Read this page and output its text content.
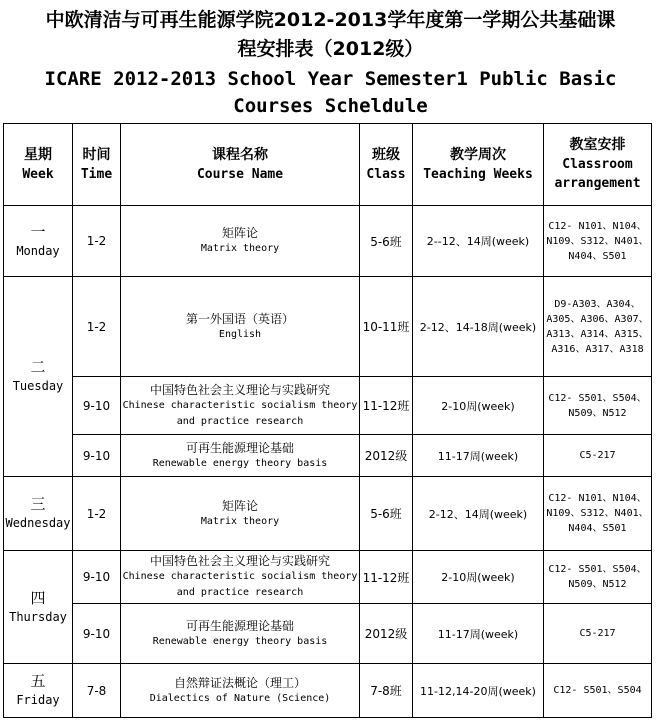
中欧清洁与可再生能源学院2012-2013学年度第一学期公共基础课
程安排表（2012级）
ICARE 2012-2013 School Year Semester1 Public Basic
Courses Scheldule
星期
Week	时间
Time	课程名称
Course Name	班级
Class	教学周次
Teaching Weeks	教室安排
Classroom
arrangement

一
Monday	1-2	矩阵论
Matrix theory	5-6班	2--12、14周(week)	C12- N101、N104、N109、S312、N401、N404、S501

二
Tuesday	1-2	第一外国语（英语）
English	10-11班	2-12、14-18周(week)	D9-A303、A304、A305、A306、A307、A313、A314、A315、A316、A317、A318
	9-10	中国特色社会主义理论与实践研究
Chinese characteristic socialism theory and practice research	11-12班	2-10周(week)	C12- S501、S504、N509、N512
	9-10	可再生能源理论基础
Renewable energy theory basis	2012级	11-17周(week)	C5-217

三
Wednesday	1-2	矩阵论
Matrix theory	5-6班	2-12、14周(week)	C12- N101、N104、N109、S312、N401、N404、S501

四
Thursday	9-10	中国特色社会主义理论与实践研究
Chinese characteristic socialism theory and practice research	11-12班	2-10周(week)	C12- S501、S504、N509、N512
	9-10	可再生能源理论基础
Renewable energy theory basis	2012级	11-17周(week)	C5-217

五
Friday	7-8	自然辩证法概论（理工）
Dialectics of Nature (Science)	7-8班	11-12,14-20周(week)	C12- S501、S504
